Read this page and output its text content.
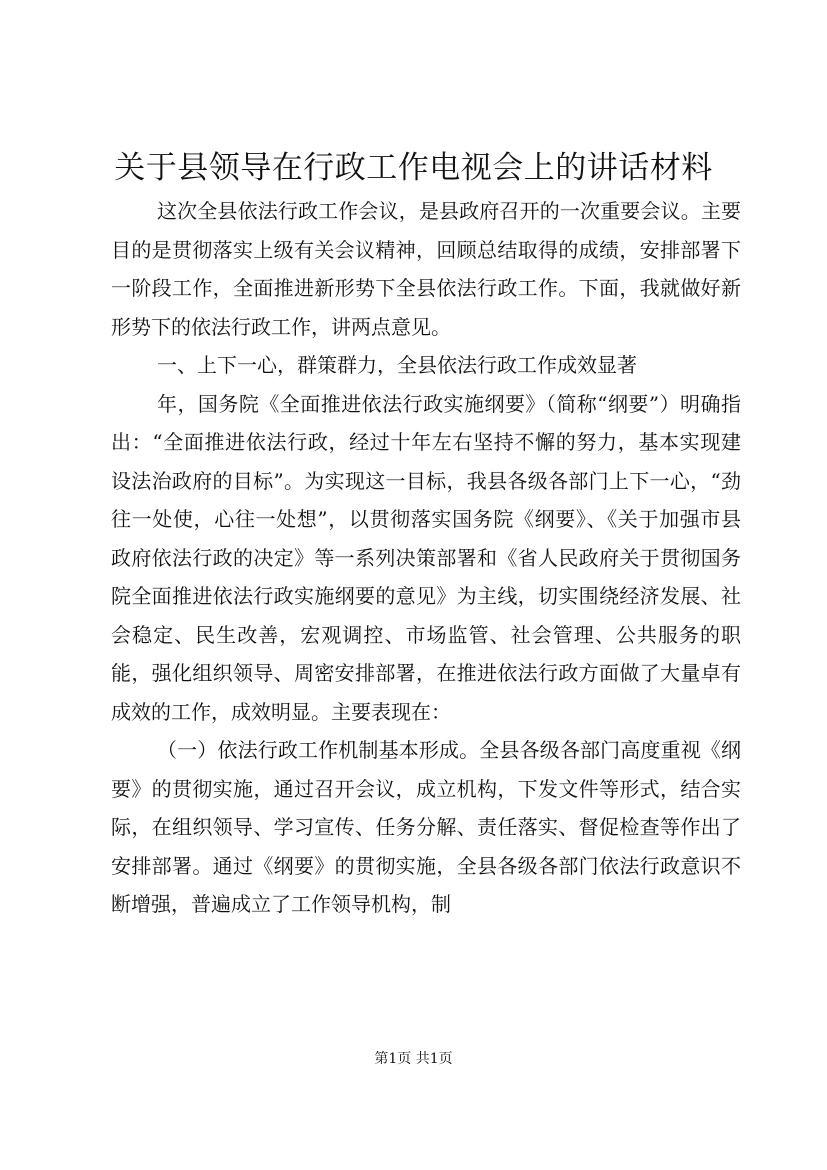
关于县领导在行政工作电视会上的讲话材料

这次全县依法行政工作会议，是县政府召开的一次重要会议。主要目的是贯彻落实上级有关会议精神，回顾总结取得的成绩，安排部署下一阶段工作，全面推进新形势下全县依法行政工作。下面，我就做好新形势下的依法行政工作，讲两点意见。

一、上下一心，群策群力，全县依法行政工作成效显著

年，国务院《全面推进依法行政实施纲要》（简称“纲要”）明确指出：“全面推进依法行政，经过十年左右坚持不懈的努力，基本实现建设法治政府的目标”。为实现这一目标，我县各级各部门上下一心，“劲往一处使，心往一处想”，以贯彻落实国务院《纲要》、《关于加强市县政府依法行政的决定》等一系列决策部署和《省人民政府关于贯彻国务院全面推进依法行政实施纲要的意见》为主线，切实围绕经济发展、社会稳定、民生改善，宏观调控、市场监管、社会管理、公共服务的职能，强化组织领导、周密安排部署，在推进依法行政方面做了大量卓有成效的工作，成效明显。主要表现在：

（一）依法行政工作机制基本形成。全县各级各部门高度重视《纲要》的贯彻实施，通过召开会议，成立机构，下发文件等形式，结合实际，在组织领导、学习宣传、任务分解、责任落实、督促检查等作出了安排部署。通过《纲要》的贯彻实施，全县各级各部门依法行政意识不断增强，普遍成立了工作领导机构，制

第1页 共1页
